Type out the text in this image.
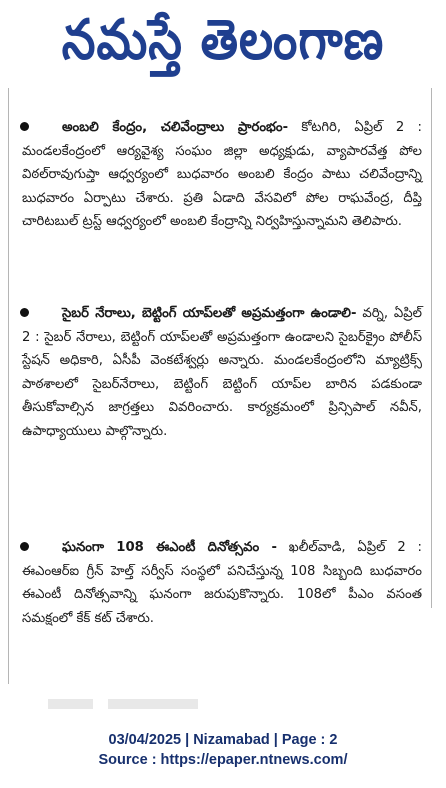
నమస్తే తెలంగాణ

అంబలి కేంద్రం, చలివేంద్రాలు ప్రారంభం- కోటగిరి, ఏప్రిల్ 2 : మండలకేంద్రంలో ఆర్యవైశ్య సంఘం జిల్లా అధ్యక్షుడు, వ్యాపారవేత్త పోల విఠల్‌రావుగుప్తా ఆధ్వర్యంలో బుధవారం అంబలి కేంద్రం పాటు చలివేంద్రాన్ని బుధవారం ఏర్పాటు చేశారు. ప్రతి ఏడాది వేసవిలో పోల రాఘవేంద్ర, దీప్తి చారిటబుల్ ట్రస్ట్ ఆధ్వర్యంలో అంబలి కేంద్రాన్ని నిర్వహిస్తున్నామని తెలిపారు.

సైబర్ నేరాలు, బెట్టింగ్ యాప్‌లతో అప్రమత్తంగా ఉండాలి- వర్ని, ఏప్రిల్ 2 : సైబర్ నేరాలు, బెట్టింగ్ యాప్‌లతో అప్రమత్తంగా ఉండాలని సైబర్‌క్రైం పోలీస్ స్టేషన్ అధికారి, ఏసీపీ వెంకటేశ్వర్లు అన్నారు. మండలకేంద్రంలోని మ్యాట్రిక్స్ పాఠశాలలో సైబర్‌నేరాలు, బెట్టింగ్ బెట్టింగ్ యాప్‌ల బారిన పడకుండా తీసుకోవాల్సిన జాగ్రత్తలు వివరించారు. కార్యక్రమంలో ప్రిన్సిపాల్ నవీన్, ఉపాధ్యాయులు పాల్గొన్నారు.

ఘనంగా 108 ఈఎంటీ దినోత్సవం - ఖలీల్‌వాడి, ఏప్రిల్ 2 : ఈఎంఆర్ఐ గ్రీన్ హెల్త్ సర్వీస్ సంస్థలో పనిచేస్తున్న 108 సిబ్బంది బుధవారం ఈఎంటీ దినోత్సవాన్ని ఘనంగా జరుపుకొన్నారు. 108లో పీఎం వసంత సమక్షంలో కేక్ కట్ చేశారు.

03/04/2025 | Nizamabad | Page : 2
Source : https://epaper.ntnews.com/
